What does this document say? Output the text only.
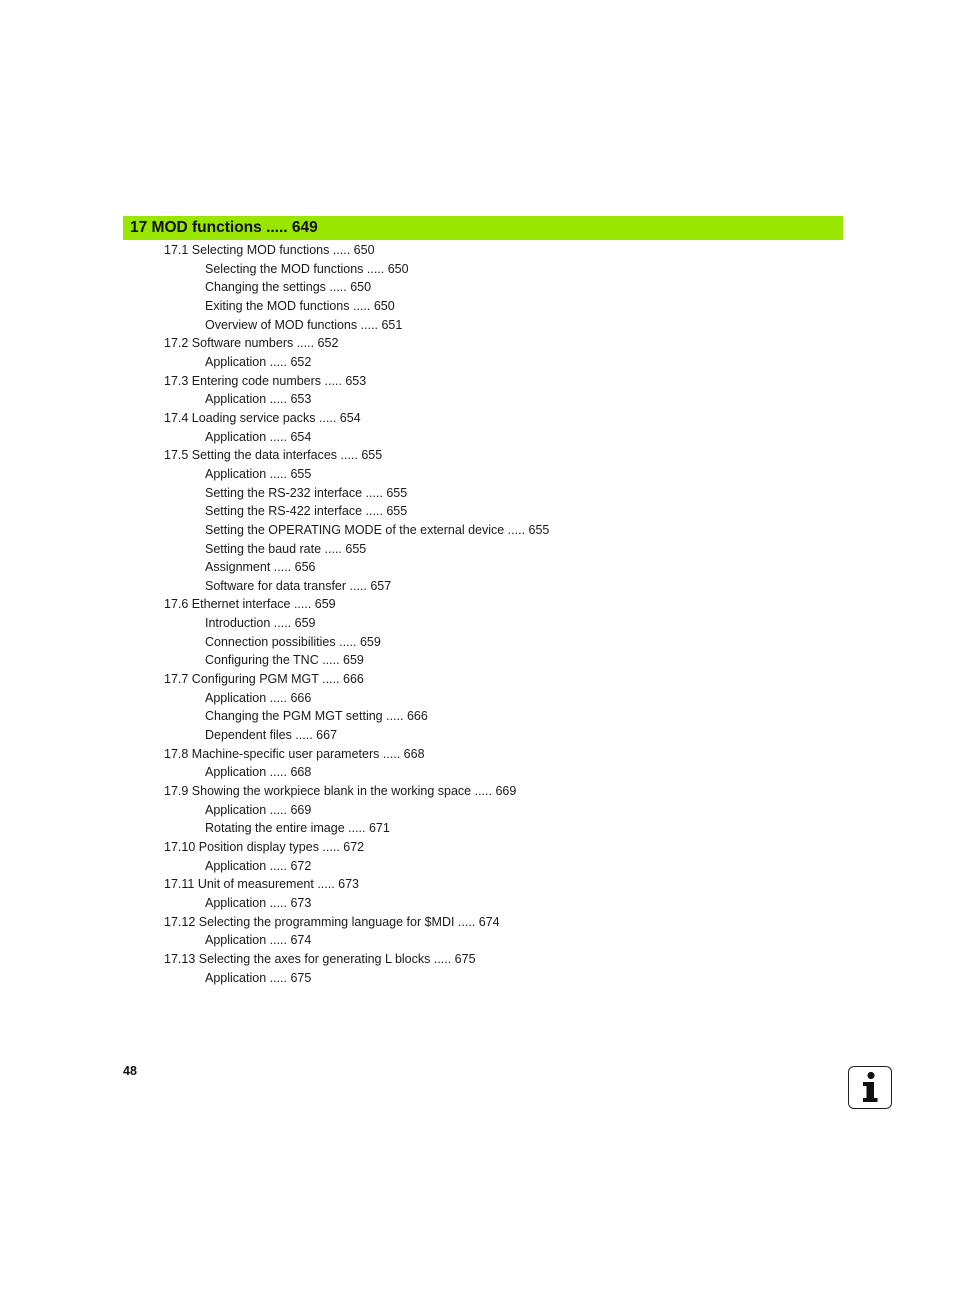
17 MOD functions ..... 649
17.1 Selecting MOD functions ..... 650
Selecting the MOD functions ..... 650
Changing the settings ..... 650
Exiting the MOD functions ..... 650
Overview of MOD functions ..... 651
17.2 Software numbers ..... 652
Application ..... 652
17.3 Entering code numbers ..... 653
Application ..... 653
17.4 Loading service packs ..... 654
Application ..... 654
17.5 Setting the data interfaces ..... 655
Application ..... 655
Setting the RS-232 interface ..... 655
Setting the RS-422 interface ..... 655
Setting the OPERATING MODE of the external device ..... 655
Setting the baud rate ..... 655
Assignment ..... 656
Software for data transfer ..... 657
17.6 Ethernet interface ..... 659
Introduction ..... 659
Connection possibilities ..... 659
Configuring the TNC ..... 659
17.7 Configuring PGM MGT ..... 666
Application ..... 666
Changing the PGM MGT setting ..... 666
Dependent files ..... 667
17.8 Machine-specific user parameters ..... 668
Application ..... 668
17.9 Showing the workpiece blank in the working space ..... 669
Application ..... 669
Rotating the entire image ..... 671
17.10 Position display types ..... 672
Application ..... 672
17.11 Unit of measurement ..... 673
Application ..... 673
17.12 Selecting the programming language for $MDI ..... 674
Application ..... 674
17.13 Selecting the axes for generating L blocks ..... 675
Application ..... 675
48
